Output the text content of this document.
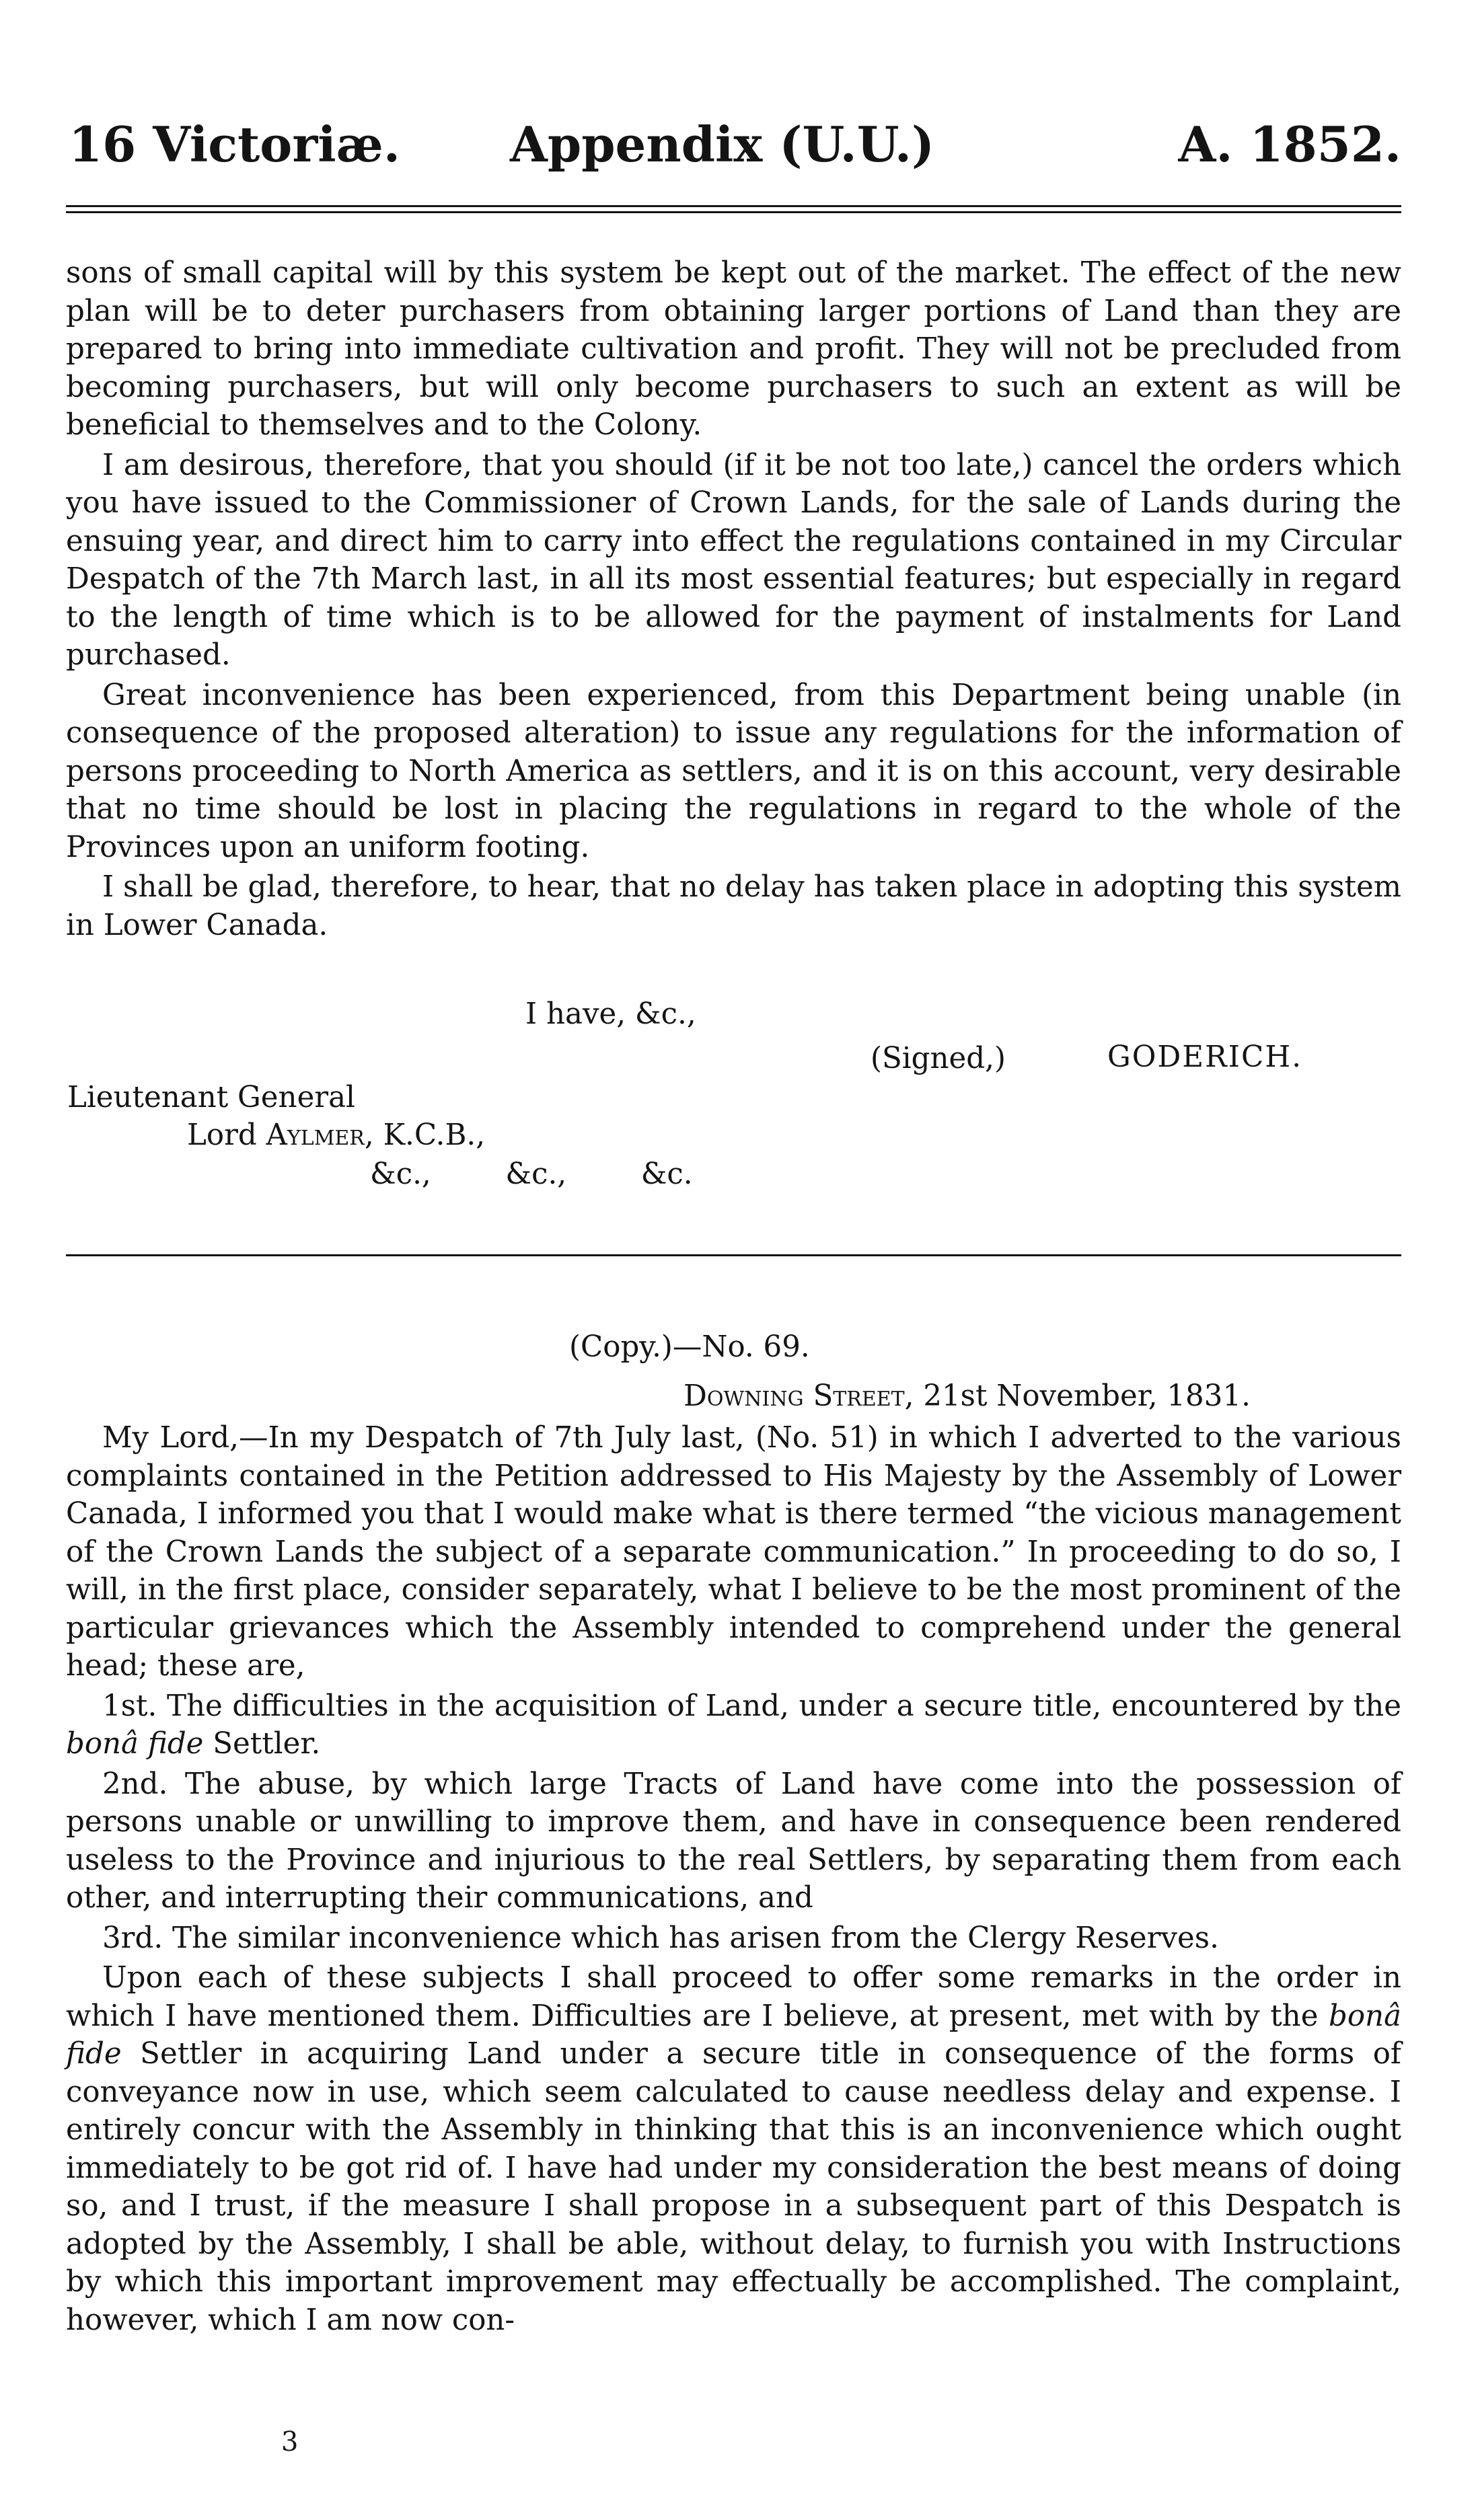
16 Victoriæ. Appendix (U.U.)	A. 1852.

sons of small capital will by this system be kept out of the market. The effect of the new plan will be to deter purchasers from obtaining larger portions of Land than they are prepared to bring into immediate cultivation and profit. They will not be precluded from becoming purchasers, but will only become purchasers to such an extent as will be beneficial to themselves and to the Colony.

I am desirous, therefore, that you should (if it be not too late,) cancel the orders which you have issued to the Commissioner of Crown Lands, for the sale of Lands during the ensuing year, and direct him to carry into effect the regulations contained in my Circular Despatch of the 7th March last, in all its most essential features; but especially in regard to the length of time which is to be allowed for the payment of instalments for Land purchased.

Great inconvenience has been experienced, from this Department being unable (in consequence of the proposed alteration) to issue any regulations for the information of persons proceeding to North America as settlers, and it is on this account, very desirable that no time should be lost in placing the regulations in regard to the whole of the Provinces upon an uniform footing.

I shall be glad, therefore, to hear, that no delay has taken place in adopting this system in Lower Canada.

I have, &c.,
(Signed,)	GODERICH.
Lieutenant General
Lord Aylmer, K.C.B.,
&c.,        &c.,        &c.
(Copy.)—No. 69.
Downing Street, 21st November, 1831.

My Lord,—In my Despatch of 7th July last, (No. 51) in which I adverted to the various complaints contained in the Petition addressed to His Majesty by the Assembly of Lower Canada, I informed you that I would make what is there termed “the vicious management of the Crown Lands the subject of a separate communication.” In proceeding to do so, I will, in the first place, consider separately, what I believe to be the most prominent of the particular grievances which the Assembly intended to comprehend under the general head; these are,

1st. The difficulties in the acquisition of Land, under a secure title, encountered by the bonâ fide Settler.

2nd. The abuse, by which large Tracts of Land have come into the possession of persons unable or unwilling to improve them, and have in consequence been rendered useless to the Province and injurious to the real Settlers, by separating them from each other, and interrupting their communications, and

3rd. The similar inconvenience which has arisen from the Clergy Reserves.

Upon each of these subjects I shall proceed to offer some remarks in the order in which I have mentioned them. Difficulties are I believe, at present, met with by the bonâ fide Settler in acquiring Land under a secure title in consequence of the forms of conveyance now in use, which seem calculated to cause needless delay and expense. I entirely concur with the Assembly in thinking that this is an inconvenience which ought immediately to be got rid of. I have had under my consideration the best means of doing so, and I trust, if the measure I shall propose in a subsequent part of this Despatch is adopted by the Assembly, I shall be able, without delay, to furnish you with Instructions by which this important improvement may effectually be accomplished. The complaint, however, which I am now con-

3
